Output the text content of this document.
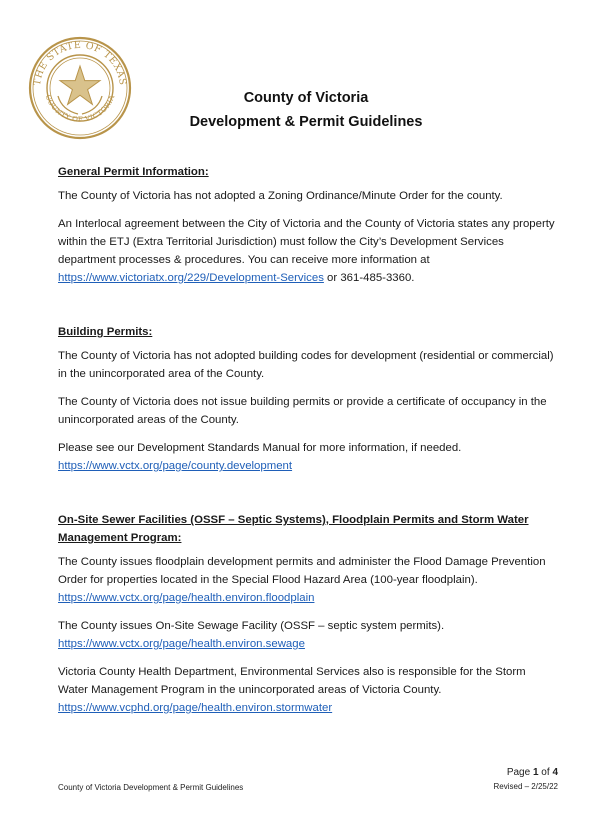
THE STATE OF TEXAS
COUNTY OF VICTORIA	County of Victoria
Development & Permit Guidelines
General Permit Information:
The County of Victoria has not adopted a Zoning Ordinance/Minute Order for the county.
An Interlocal agreement between the City of Victoria and the County of Victoria states any property within the ETJ (Extra Territorial Jurisdiction) must follow the City’s Development Services department processes & procedures. You can receive more information at https://www.victoriatx.org/229/Development-Services or 361-485-3360.
Building Permits:
The County of Victoria has not adopted building codes for development (residential or commercial) in the unincorporated area of the County.
The County of Victoria does not issue building permits or provide a certificate of occupancy in the unincorporated areas of the County.
Please see our Development Standards Manual for more information, if needed.
https://www.vctx.org/page/county.development
On-Site Sewer Facilities (OSSF – Septic Systems), Floodplain Permits and Storm Water Management Program:
The County issues floodplain development permits and administer the Flood Damage Prevention Order for properties located in the Special Flood Hazard Area (100-year floodplain). https://www.vctx.org/page/health.environ.floodplain
The County issues On-Site Sewage Facility (OSSF – septic system permits).
https://www.vctx.org/page/health.environ.sewage
Victoria County Health Department, Environmental Services also is responsible for the Storm Water Management Program in the unincorporated areas of Victoria County.
https://www.vcphd.org/page/health.environ.stormwater
County of Victoria Development & Permit Guidelines
Page 1 of 4
Revised – 2/25/22
